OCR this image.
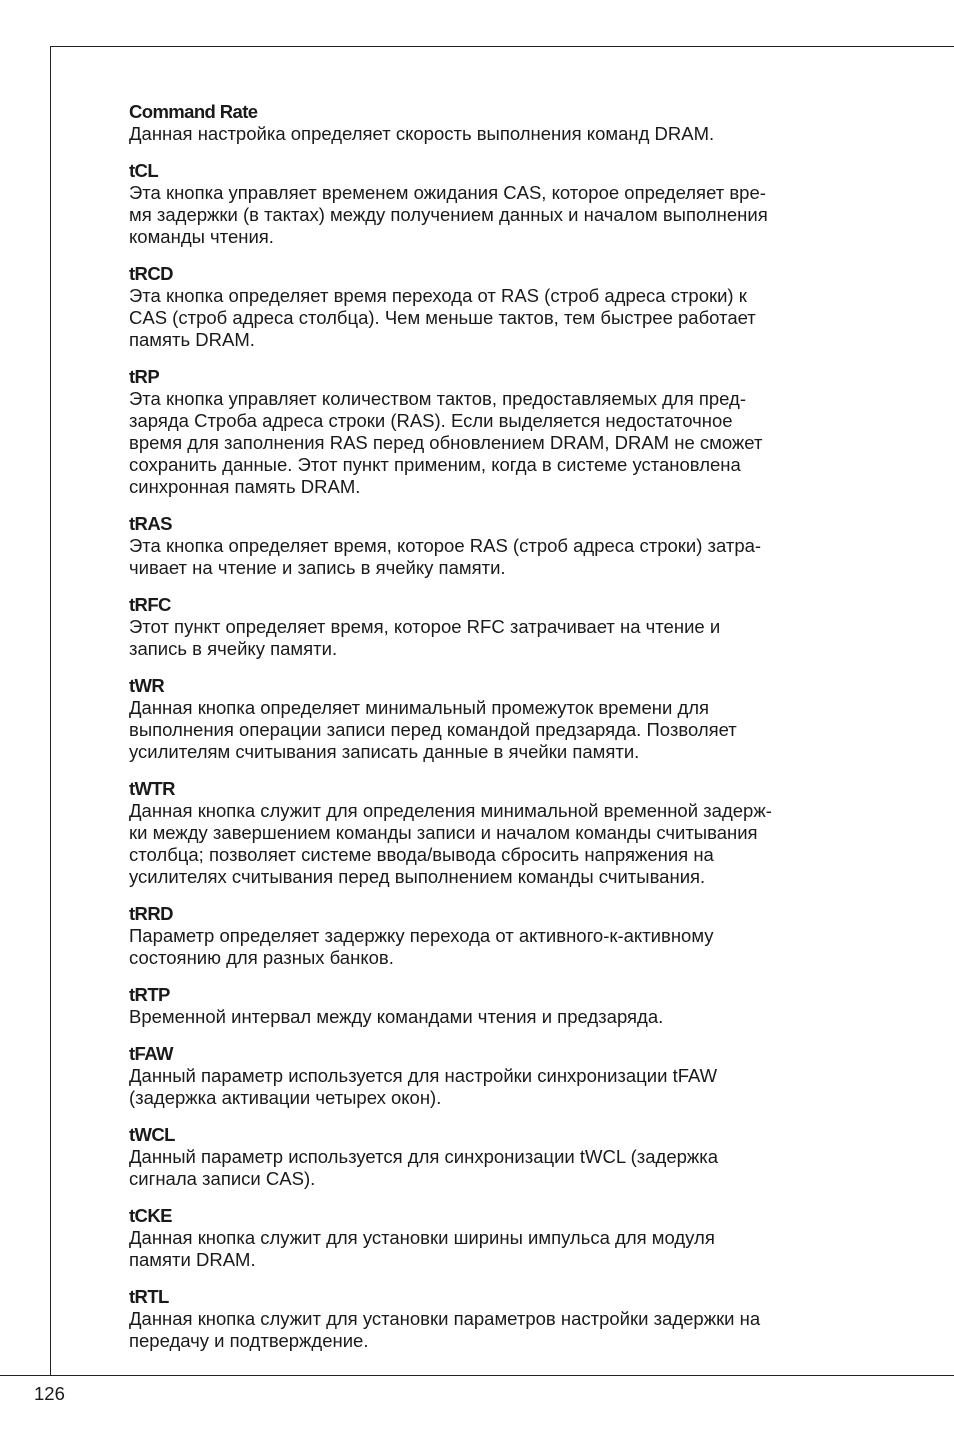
Command Rate
Данная настройка определяет скорость выполнения команд DRAM.
tCL
Эта кнопка управляет временем ожидания CAS, которое определяет вре-
мя задержки (в тактах) между получением данных и началом выполнения
команды чтения.
tRCD
Эта кнопка определяет время перехода от RAS (строб адреса строки) к
CAS (строб адреса столбца). Чем меньше тактов, тем быстрее работает
память DRAM.
tRP
Эта кнопка управляет количеством тактов, предоставляемых для пред-
заряда Строба адреса строки (RAS). Если выделяется недостаточное
время для заполнения RAS перед обновлением DRAM, DRAM не сможет
сохранить данные. Этот пункт применим, когда в системе установлена
синхронная память DRAM.
tRAS
Эта кнопка определяет время, которое RAS (строб адреса строки) затра-
чивает на чтение и запись в ячейку памяти.
tRFC
Этот пункт определяет время, которое RFC затрачивает на чтение и
запись в ячейку памяти.
tWR
Данная кнопка определяет минимальный промежуток времени для
выполнения операции записи перед командой предзаряда. Позволяет
усилителям считывания записать данные в ячейки памяти.
tWTR
Данная кнопка служит для определения минимальной временной задерж-
ки между завершением команды записи и началом команды считывания
столбца; позволяет системе ввода/вывода сбросить напряжения на
усилителях считывания перед выполнением команды считывания.
tRRD
Параметр определяет задержку перехода от активного-к-активному
состоянию для разных банков.
tRTP
Временной интервал между командами чтения и предзаряда.
tFAW
Данный параметр используется для настройки синхронизации tFAW
(задержка активации четырех окон).
tWCL
Данный параметр используется для синхронизации tWCL (задержка
сигнала записи CAS).
tCKE
Данная кнопка служит для установки ширины импульса для модуля
памяти DRAM.
tRTL
Данная кнопка служит для установки параметров настройки задержки на
передачу и подтверждение.
126
